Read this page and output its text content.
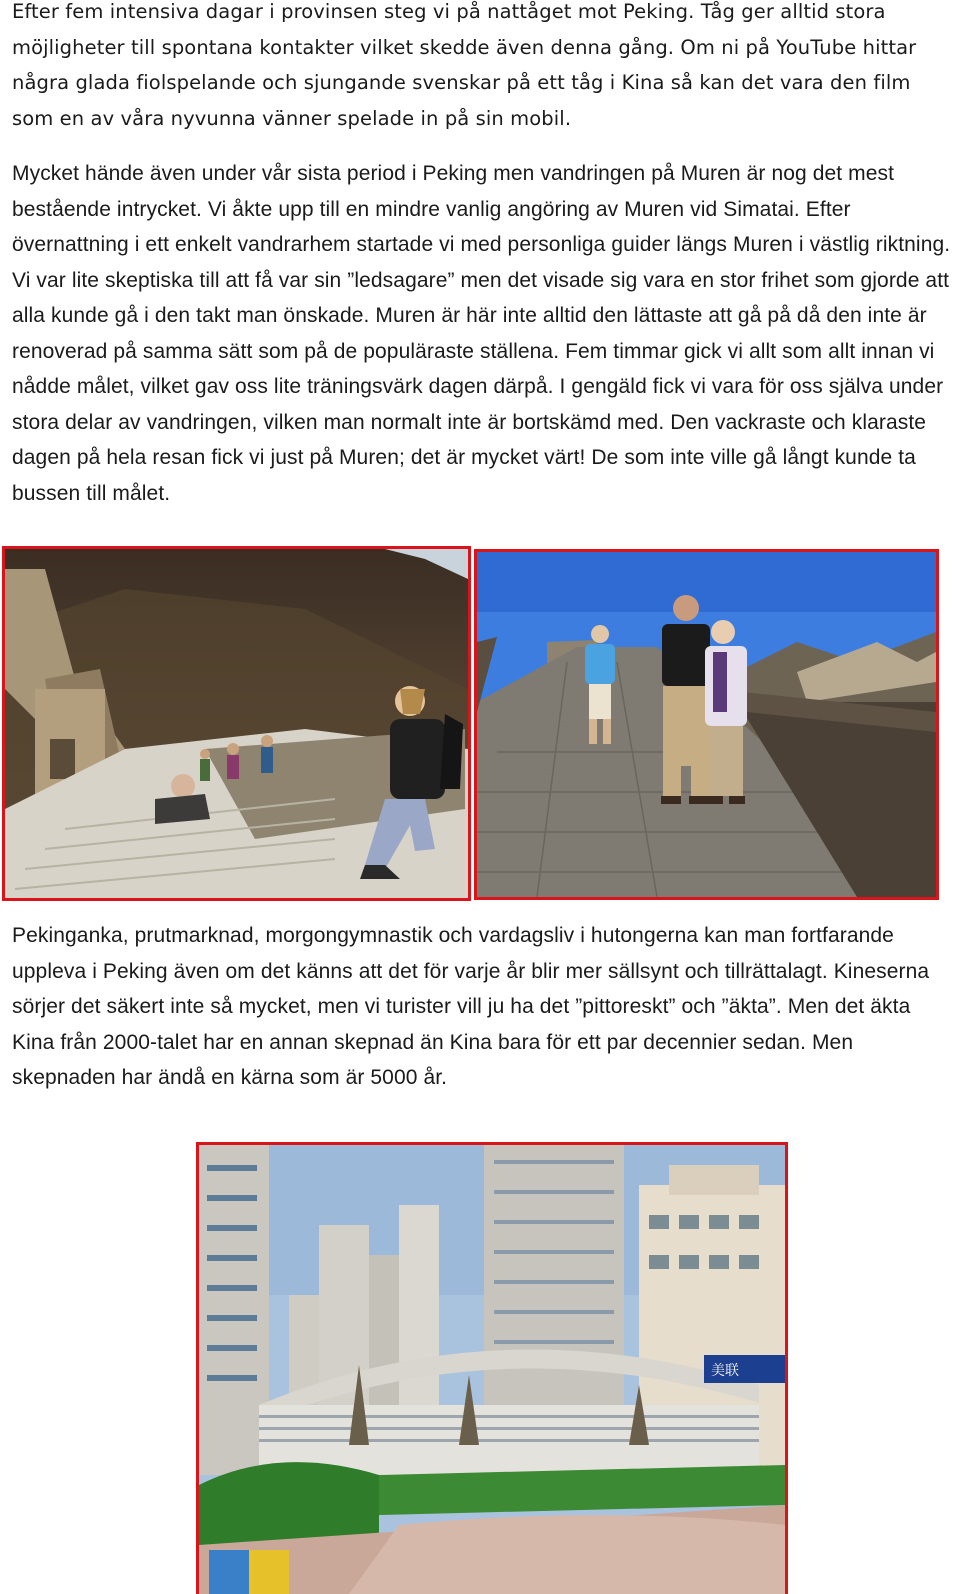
Efter fem intensiva dagar i provinsen steg vi på nattåget mot Peking. Tåg ger alltid stora möjligheter till spontana kontakter vilket skedde även denna gång. Om ni på YouTube hittar några glada fiolspelande och sjungande svenskar på ett tåg i Kina så kan det vara den film som en av våra nyvunna vänner spelade in på sin mobil.

Mycket hände även under vår sista period i Peking men vandringen på Muren är nog det mest bestående intrycket. Vi åkte upp till en mindre vanlig angöring av Muren vid Simatai. Efter övernattning i ett enkelt vandrarhem startade vi med personliga guider längs Muren i västlig riktning. Vi var lite skeptiska till att få var sin ”ledsagare” men det visade sig vara en stor frihet som gjorde att alla kunde gå i den takt man önskade. Muren är här inte alltid den lättaste att gå på då den inte är renoverad på samma sätt som på de populäraste ställena. Fem timmar gick vi allt som allt innan vi nådde målet, vilket gav oss lite träningsvärk dagen därpå. I gengäld fick vi vara för oss själva under stora delar av vandringen, vilken man normalt inte är bortskämd med. Den vackraste och klaraste dagen på hela resan fick vi just på Muren; det är mycket värt! De som inte ville gå långt kunde ta bussen till målet.

Pekinganka, prutmarknad, morgongymnastik och vardagsliv i hutongerna kan man fortfarande uppleva i Peking även om det känns att det för varje år blir mer sällsynt och tillrättalagt. Kineserna sörjer det säkert inte så mycket, men vi turister vill ju ha det ”pittoreskt” och ”äkta”. Men det äkta Kina från 2000-talet har en annan skepnad än Kina bara för ett par decennier sedan. Men skepnaden har ändå en kärna som är 5000 år.

美联
